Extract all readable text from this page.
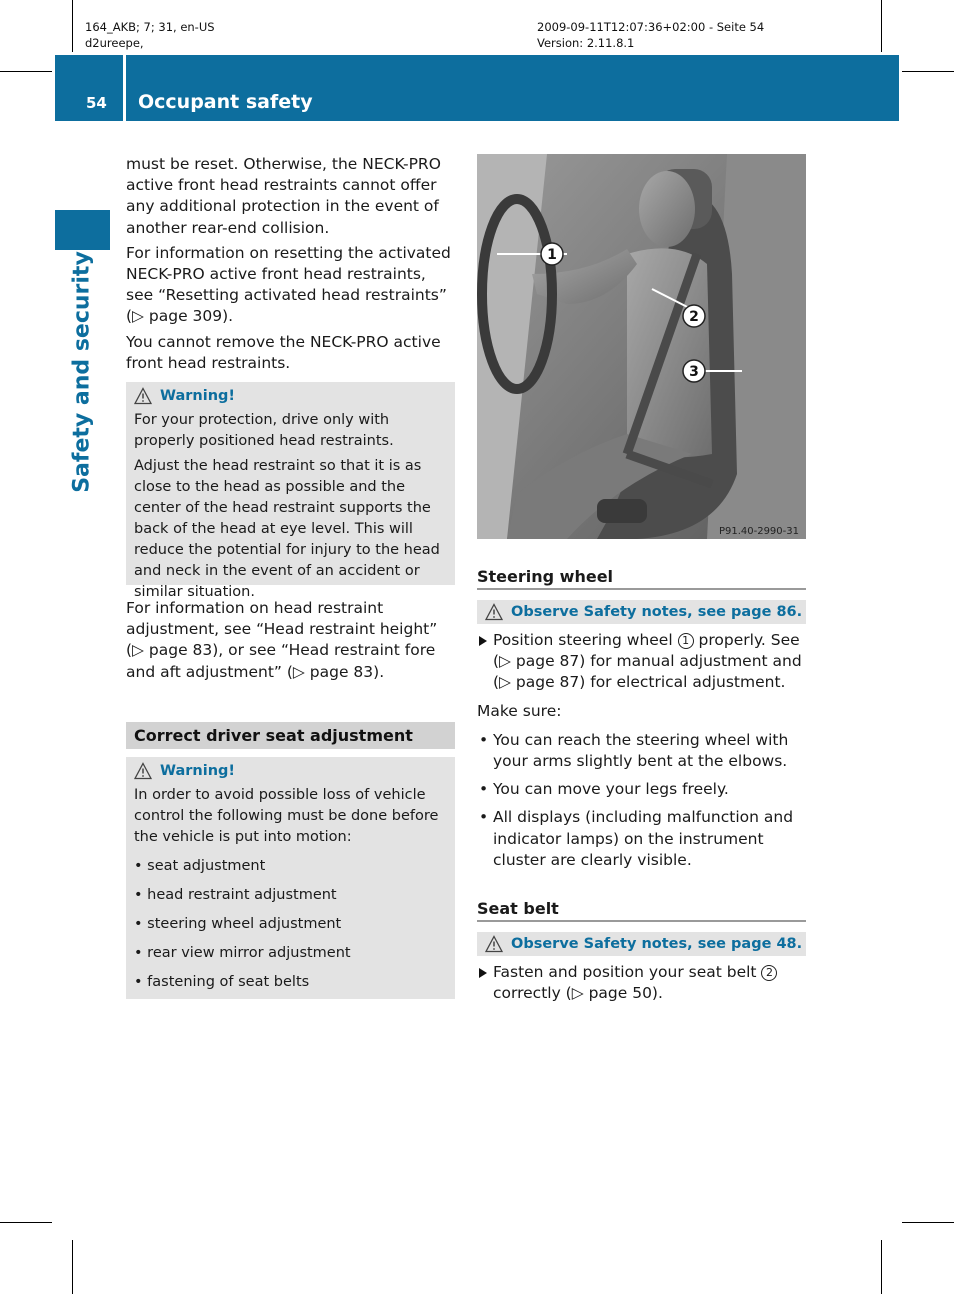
164_AKB; 7; 31, en-US
d2ureepe,
2009-09-11T12:07:36+02:00 - Seite 54
Version: 2.11.8.1
54 Occupant safety
Safety and security

must be reset. Otherwise, the NECK-PRO active front head restraints cannot offer any additional protection in the event of another rear-end collision.

For information on resetting the activated NECK-PRO active front head restraints, see “Resetting activated head restraints” (▷ page 309).

You cannot remove the NECK-PRO active front head restraints.

Warning!

For your protection, drive only with properly positioned head restraints.

Adjust the head restraint so that it is as close to the head as possible and the center of the head restraint supports the back of the head at eye level. This will reduce the potential for injury to the head and neck in the event of an accident or similar situation.

For information on head restraint adjustment, see “Head restraint height” (▷ page 83), or see “Head restraint fore and aft adjustment” (▷ page 83).

Correct driver seat adjustment
Warning!

In order to avoid possible loss of vehicle control the following must be done before the vehicle is put into motion:

• seat adjustment
• head restraint adjustment
• steering wheel adjustment
• rear view mirror adjustment
• fastening of seat belts
1
2
3
P91.40-2990-31
Steering wheel
Observe Safety notes, see page 86.
Position steering wheel 1 properly. See (▷ page 87) for manual adjustment and (▷ page 87) for electrical adjustment.

Make sure:

• You can reach the steering wheel with your arms slightly bent at the elbows.
• You can move your legs freely.
• All displays (including malfunction and indicator lamps) on the instrument cluster are clearly visible.
Seat belt
Observe Safety notes, see page 48.
Fasten and position your seat belt 2 correctly (▷ page 50).
